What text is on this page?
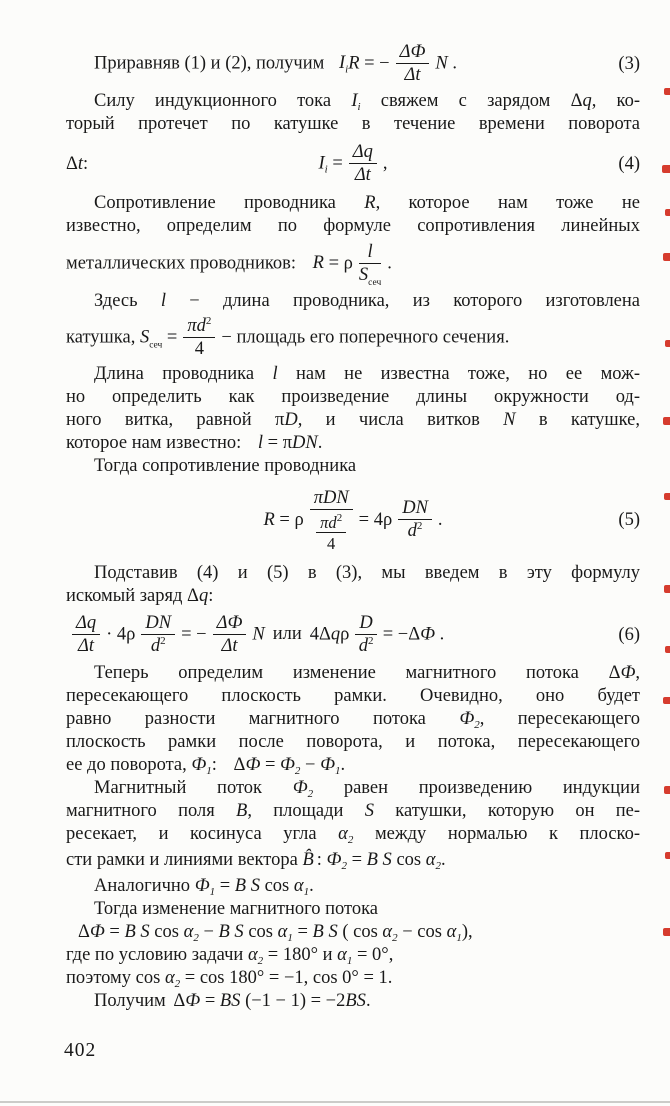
Приравняв (1) и (2), получим $I_iR$ = − $\frac{\Delta Ф}{\Delta t}$ N .	(3)
Силу индукционного тока $I_i$ свяжем с зарядом Δq, ко-
торый протечет по катушке в течение времени поворота
Δt:	$I_i = \frac{\Delta q}{\Delta t}$ ,	(4)
Сопротивление проводника R, которое нам тоже не
известно, определим по формуле сопротивления линейных
металлических проводников: R = ρ $\frac{l}{S_{сеч}}$ .
Здесь l − длина проводника, из которого изготовлена
катушка, $S_{сеч} = \frac{\pi d^2}{4}$ − площадь его поперечного сечения.
Длина проводника l нам не известна тоже, но ее мож-
но определить как произведение длины окружности од-
ного витка, равной πD, и числа витков N в катушке,
которое нам известно: l = πDN.
Тогда сопротивление проводника
R = ρ $\frac{\text{πDN}}{\frac{\pi d^2}{4}} = 4\rho \frac{DN}{d^2}$ .	(5)
Подставив (4) и (5) в (3), мы введем в эту формулу
искомый заряд Δq:
$\frac{\Delta q}{\Delta t} \cdot 4\rho \frac{DN}{d^2}$ = − $\frac{\Delta Ф}{\Delta t}$ N или $4\Delta q\rho \frac{D}{d^2} = -\Delta Ф$ .	(6)
Теперь определим изменение магнитного потока ΔФ,
пересекающего плоскость рамки. Очевидно, оно будет
равно разности магнитного потока $Ф_2$, пересекающего
плоскость рамки после поворота, и потока, пересекающего
ее до поворота, $Ф_1$: $\Delta Ф = Ф_2 - Ф_1$.
Магнитный поток $Ф_2$ равен произведению индукции
магнитного поля B, площади S катушки, которую он пе-
ресекает, и косинуса угла $\alpha_2$ между нормалью к плоско-
сти рамки и линиями вектора B̂ : $Ф_2 = B$ S $\cos \alpha_2$.
Аналогично $Ф_1 = B$ S $\cos \alpha_1$.
Тогда изменение магнитного потока
ΔФ = B S $\cos \alpha_2 - B$ S $\cos \alpha_1 = B$ S ( $\cos \alpha_2 - \cos \alpha_1$),
где по условию задачи $\alpha_2 = 180^\circ$ и $\alpha_1 = 0^\circ$,
поэтому $\cos \alpha_2 = \cos 180^\circ = -1$, cos 0° = 1.
Получим ΔФ = BS (−1 − 1) = −2BS.
402
